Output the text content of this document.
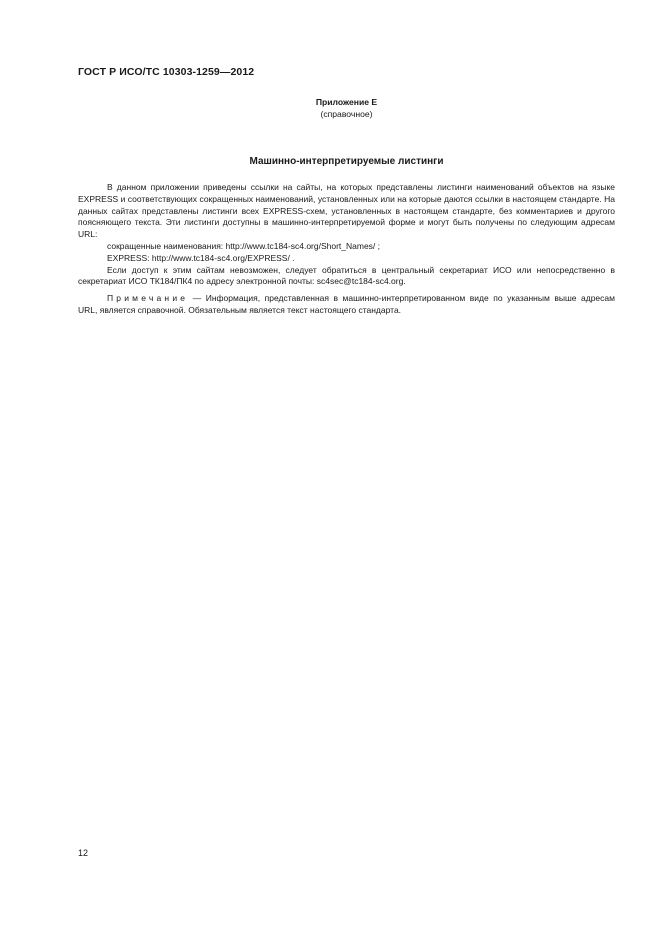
ГОСТ Р ИСО/ТС 10303-1259—2012
Приложение Е
(справочное)
Машинно-интерпретируемые листинги

В данном приложении приведены ссылки на сайты, на которых представлены листинги наименований объектов на языке EXPRESS и соответствующих сокращенных наименований, установленных или на которые даются ссылки в настоящем стандарте. На данных сайтах представлены листинги всех EXPRESS-схем, установленных в настоящем стандарте, без комментариев и другого поясняющего текста. Эти листинги доступны в машинно-интерпретируемой форме и могут быть получены по следующим адресам URL:

сокращенные наименования: http://www.tc184-sc4.org/Short_Names/ ;

EXPRESS: http://www.tc184-sc4.org/EXPRESS/ .

Если доступ к этим сайтам невозможен, следует обратиться в центральный секретариат ИСО или непосредственно в секретариат ИСО ТК184/ПК4 по адресу электронной почты: sc4sec@tc184-sc4.org.

Примечание — Информация, представленная в машинно-интерпретированном виде по указанным выше адресам URL, является справочной. Обязательным является текст настоящего стандарта.

12
